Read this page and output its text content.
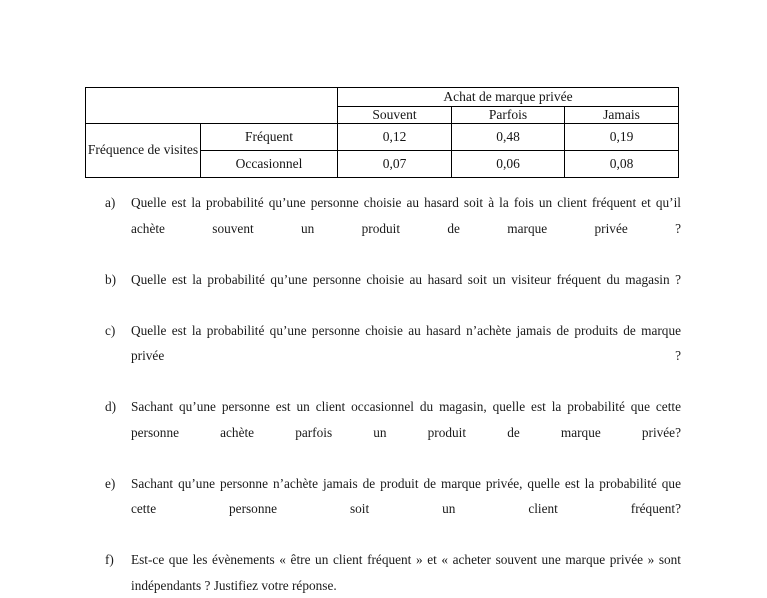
		Achat de marque privée		
		Souvent	Parfois	Jamais
Fréquence de visites	Fréquent	0,12	0,48	0,19
	Occasionnel	0,07	0,06	0,08
a)	Quelle est la probabilité qu’une personne choisie au hasard soit à la fois un client fréquent et qu’il achète souvent un produit de marque privée ?
b)	Quelle est la probabilité qu’une personne choisie au hasard soit un visiteur fréquent du magasin ?
c)	Quelle est la probabilité qu’une personne choisie au hasard n’achète jamais de produits de marque privée ?
d)	Sachant qu’une personne est un client occasionnel du magasin, quelle est la probabilité que cette personne achète parfois un produit de marque privée?
e)	Sachant qu’une personne n’achète jamais de produit de marque privée, quelle est la probabilité que cette personne soit un client fréquent?
f)	Est-ce que les évènements « être un client fréquent » et « acheter souvent une marque privée » sont indépendants ? Justifiez votre réponse.
